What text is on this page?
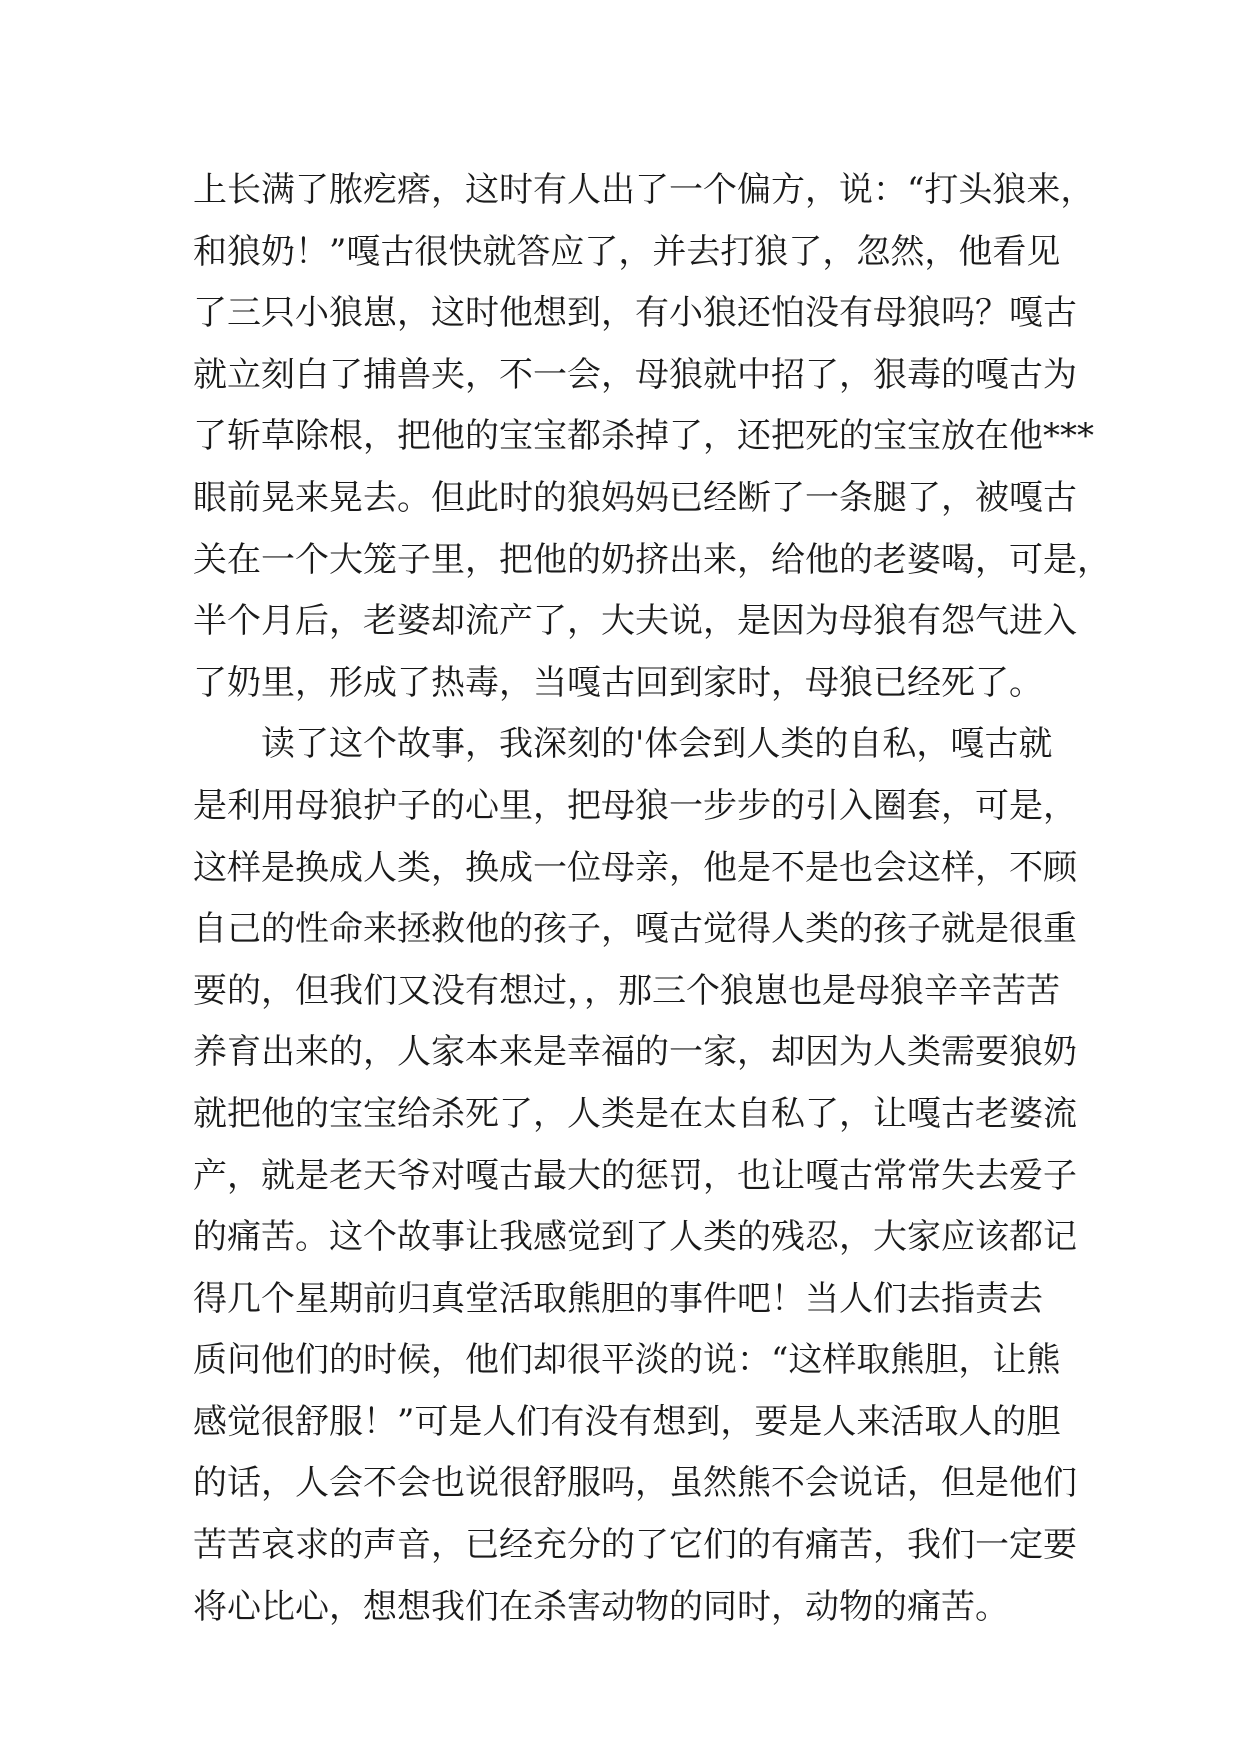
上长满了脓疙瘩，这时有人出了一个偏方，说：“打头狼来，
和狼奶！”嘎古很快就答应了，并去打狼了，忽然，他看见
了三只小狼崽，这时他想到，有小狼还怕没有母狼吗？嘎古
就立刻白了捕兽夹，不一会，母狼就中招了，狠毒的嘎古为
了斩草除根，把他的宝宝都杀掉了，还把死的宝宝放在他***
眼前晃来晃去。但此时的狼妈妈已经断了一条腿了，被嘎古
关在一个大笼子里，把他的奶挤出来，给他的老婆喝，可是，
半个月后，老婆却流产了，大夫说，是因为母狼有怨气进入
了奶里，形成了热毒，当嘎古回到家时，母狼已经死了。
读了这个故事，我深刻的'体会到人类的自私，嘎古就
是利用母狼护子的心里，把母狼一步步的引入圈套，可是，
这样是换成人类，换成一位母亲，他是不是也会这样，不顾
自己的性命来拯救他的孩子，嘎古觉得人类的孩子就是很重
要的，但我们又没有想过，，那三个狼崽也是母狼辛辛苦苦
养育出来的，人家本来是幸福的一家，却因为人类需要狼奶
就把他的宝宝给杀死了，人类是在太自私了，让嘎古老婆流
产，就是老天爷对嘎古最大的惩罚，也让嘎古常常失去爱子
的痛苦。这个故事让我感觉到了人类的残忍，大家应该都记
得几个星期前归真堂活取熊胆的事件吧！当人们去指责去
质问他们的时候，他们却很平淡的说：“这样取熊胆，让熊
感觉很舒服！”可是人们有没有想到，要是人来活取人的胆
的话，人会不会也说很舒服吗，虽然熊不会说话，但是他们
苦苦哀求的声音，已经充分的了它们的有痛苦，我们一定要
将心比心，想想我们在杀害动物的同时，动物的痛苦。
